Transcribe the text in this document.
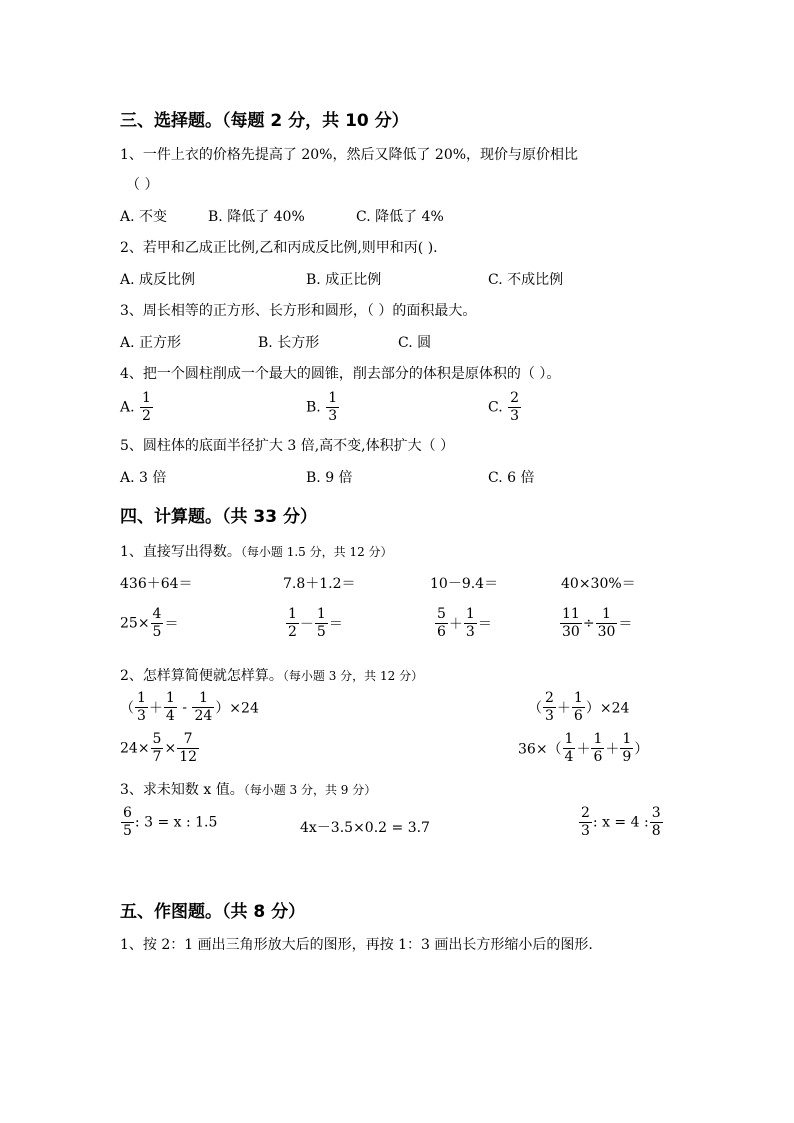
三、选择题。（每题 2 分，共 10 分）
1、一件上衣的价格先提高了 20%，然后又降低了 20%，现价与原价相比
（ ）
A. 不变	B. 降低了 40%	C. 降低了 4%
2、若甲和乙成正比例,乙和丙成反比例,则甲和丙( ).
A. 成反比例	B. 成正比例	C. 不成比例
3、周长相等的正方形、长方形和圆形，（ ）的面积最大。
A. 正方形	B. 长方形	C. 圆
4、把一个圆柱削成一个最大的圆锥，削去部分的体积是原体积的（ ）。
A. $\frac{1}{2}$	B. $\frac{1}{3}$	C. $\frac{2}{3}$
5、圆柱体的底面半径扩大 3 倍,高不变,体积扩大（ ）
A. 3 倍	B. 9 倍	C. 6 倍
四、计算题。（共 33 分）
1、直接写出得数。（每小题 1.5 分，共 12 分）
436＋64＝	7.8＋1.2＝	10－9.4＝	40×30%＝
$25\times \frac{4}{5}$ ＝	$\frac{1}{2} - \frac{1}{5}$ ＝	$\frac{5}{6} + \frac{1}{3}$ ＝	$\frac{11}{30} \div \frac{1}{30}$ ＝
2、怎样算简便就怎样算。（每小题 3 分，共 12 分）
（ $\frac{1}{3} + \frac{1}{4} - \frac{1}{24} )\times 24$	（ $\frac{2}{3} + \frac{1}{6} )\times 24$
$24\times \frac{5}{7} \times \frac{7}{12}$	$36\times( \frac{1}{4} + \frac{1}{6} + \frac{1}{9}$ ）
3、求未知数 x 值。（每小题 3 分，共 9 分）
$\frac{6}{5}$ : 3 = x : 1.5	4x－3.5×0.2 = 3.7	$\frac{2}{3}$ : x = 4 : $\frac{3}{8}$
五、作图题。（共 8 分）
1、按 2：1 画出三角形放大后的图形，再按 1：3 画出长方形缩小后的图形.
